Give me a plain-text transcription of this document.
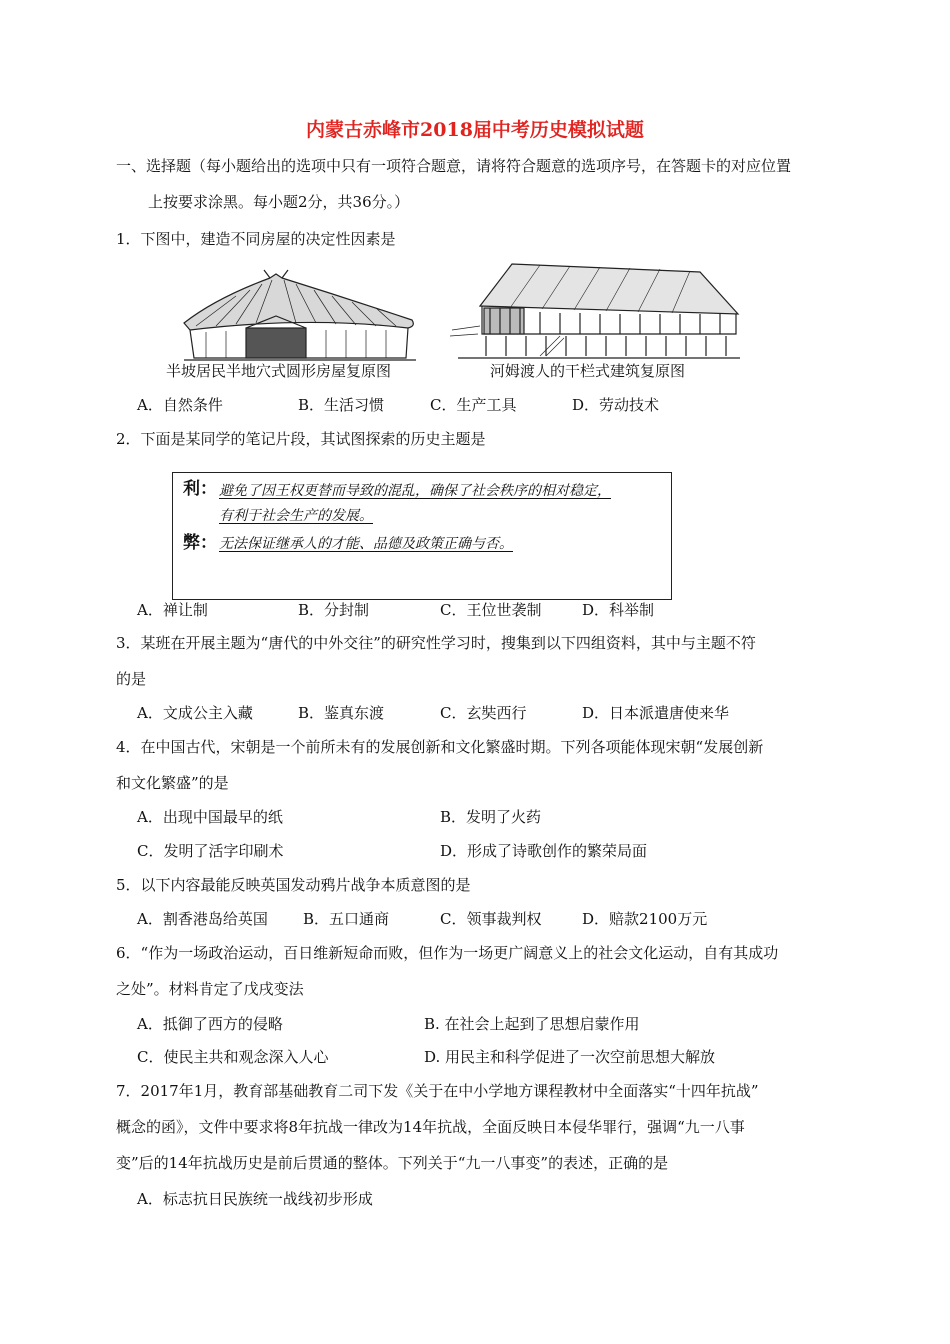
内蒙古赤峰市2018届中考历史模拟试题
一、选择题（每小题给出的选项中只有一项符合题意，请将符合题意的选项序号，在答题卡的对应位置
上按要求涂黑。每小题2分，共36分。）
1．下图中，建造不同房屋的决定性因素是
半坡居民半地穴式圆形房屋复原图	河姆渡人的干栏式建筑复原图
A．自然条件	B．生活习惯	C．生产工具	D．劳动技术
2．下面是某同学的笔记片段，其试图探索的历史主题是
利： 避免了因王权更替而导致的混乱，确保了社会秩序的相对稳定，
有利于社会生产的发展。
弊： 无法保证继承人的才能、品德及政策正确与否。
A．禅让制	B．分封制	C．王位世袭制	D．科举制
3．某班在开展主题为“唐代的中外交往”的研究性学习时，搜集到以下四组资料，其中与主题不符
的是
A．文成公主入藏	B．鉴真东渡	C．玄奘西行	D．日本派遣唐使来华
4．在中国古代，宋朝是一个前所未有的发展创新和文化繁盛时期。下列各项能体现宋朝“发展创新
和文化繁盛”的是
A．出现中国最早的纸	B．发明了火药
C．发明了活字印刷术	D．形成了诗歌创作的繁荣局面
5．以下内容最能反映英国发动鸦片战争本质意图的是
A．割香港岛给英国 B．五口通商	C．领事裁判权	D．赔款2100万元
6．“作为一场政治运动，百日维新短命而败，但作为一场更广阔意义上的社会文化运动，自有其成功
之处”。材料肯定了戊戌变法
A．抵御了西方的侵略	B. 在社会上起到了思想启蒙作用
C．使民主共和观念深入人心	D. 用民主和科学促进了一次空前思想大解放
7．2017年1月，教育部基础教育二司下发《关于在中小学地方课程教材中全面落实“十四年抗战”
概念的函》，文件中要求将8年抗战一律改为14年抗战，全面反映日本侵华罪行，强调“九一八事
变”后的14年抗战历史是前后贯通的整体。下列关于“九一八事变”的表述，正确的是
A．标志抗日民族统一战线初步形成
